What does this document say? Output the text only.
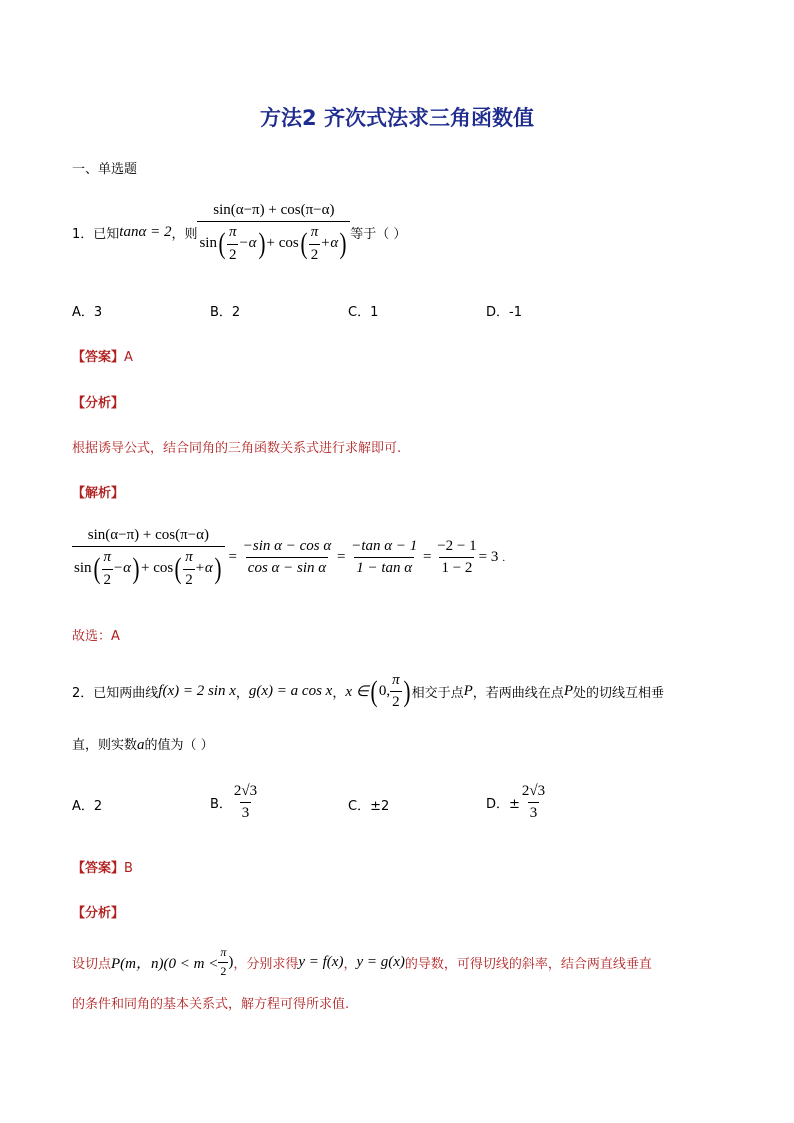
方法2 齐次式法求三角函数值
一、单选题
1．已知 tanα = 2 ，则
sin(α−π) + cos(π−α)
sin ( $\frac{\pi}{2} -\alpha$ ) + cos ( $\frac{\pi}{2} +\alpha$ ) 等于（ ）
A．3	B．2	C．1	D．-1
【答案】A
【分析】
根据诱导公式，结合同角的三角函数关系式进行求解即可.
【解析】
sin(α−π) + cos(π−α)
sin ( $\frac{\pi}{2} -\alpha$ ) + cos ( $\frac{\pi}{2} +\alpha$ ) = $\frac{\text{−sin α − cos α}}{\text{cos α − sin α}} = \frac{\text{−tan α − 1}}{\text{1 − tan α}} = \frac{-2 - 1}{1 - 2} = 3$ .
故选：A
2．已知两曲线 f(x) = 2 sin x ， g(x) = a cos x ， x ∈ ( 0, $\frac{\pi}{2}$ ) 相交于点 P ，若两曲线在点 P 处的切线互相垂
直，则实数a的值为（ ）
A．2	B． $\frac{2√3}{3}$	C．±2	D．± $\frac{2√3}{3}$
【答案】B
【分析】
设切点 P(m，$n)(0 < m < \frac{\pi}{2}$ ) ，分别求得 y = f(x) ， y = g(x) 的导数，可得切线的斜率，结合两直线垂直
的条件和同角的基本关系式，解方程可得所求值.
